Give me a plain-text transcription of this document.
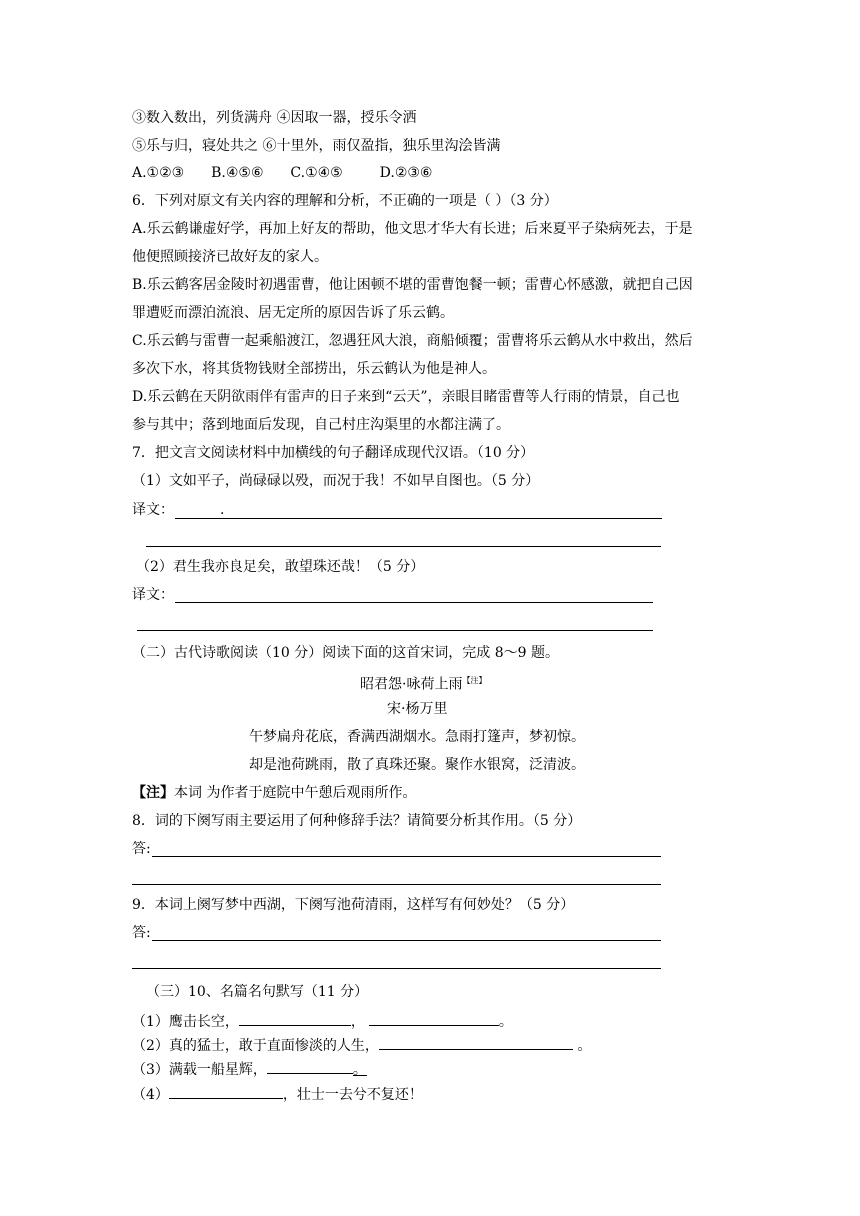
③数入数出，列货满舟 ④因取一器，授乐令洒
⑤乐与归，寝处共之 ⑥十里外，雨仅盈指，独乐里沟浍皆满
A.①②③ B.④⑤⑥ C.①④⑤	D.②③⑥
6．下列对原文有关内容的理解和分析，不正确的一项是（ ）（3 分）
A.乐云鹤谦虚好学，再加上好友的帮助，他文思才华大有长进；后来夏平子染病死去，于是
他便照顾接济已故好友的家人。
B.乐云鹤客居金陵时初遇雷曹，他让困顿不堪的雷曹饱餐一顿；雷曹心怀感激，就把自己因
罪遭贬而漂泊流浪、居无定所的原因告诉了乐云鹤。
C.乐云鹤与雷曹一起乘船渡江，忽遇狂风大浪，商船倾覆；雷曹将乐云鹤从水中救出，然后
多次下水，将其货物钱财全部捞出，乐云鹤认为他是神人。
D.乐云鹤在天阴欲雨伴有雷声的日子来到“云天”，亲眼目睹雷曹等人行雨的情景，自己也
参与其中；落到地面后发现，自己村庄沟渠里的水都注满了。
7．把文言文阅读材料中加横线的句子翻译成现代汉语。（10 分）
（1）文如平子，尚碌碌以殁，而况于我！不如早自图也。（5 分）
译文：	.
（2）君生我亦良足矣，敢望珠还哉！（5 分）
译文：
（二）古代诗歌阅读（10 分）阅读下面的这首宋词，完成 8～9 题。
昭君怨·咏荷上雨$^{【注】}$
宋·杨万里
午梦扁舟花底，香满西湖烟水。急雨打篷声，梦初惊。
却是池荷跳雨，散了真珠还聚。聚作水银窝，泛清波。
【注】本词 为作者于庭院中午憩后观雨所作。
8．词的下阕写雨主要运用了何种修辞手法？请简要分析其作用。（5 分）
答:
9．本词上阕写梦中西湖，下阕写池荷清雨，这样写有何妙处？（5 分）
答:
（三）10、名篇名句默写（11 分）
（1）鹰击长空，	，	。
（2）真的猛士，敢于直面惨淡的人生，	。
（3）满载一船星辉，	。
（4）	，壮士一去兮不复还！
